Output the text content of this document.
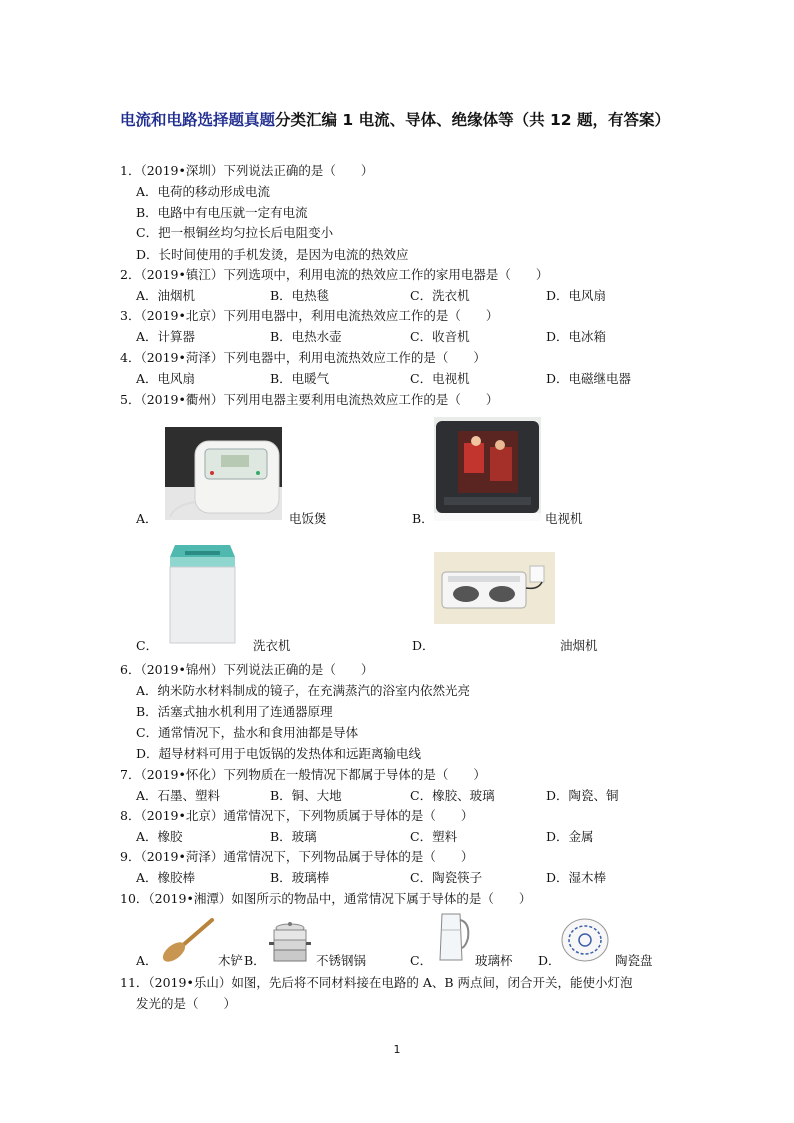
电流和电路选择题真题分类汇编 1 电流、导体、绝缘体等（共 12 题，有答案）
1．（2019•深圳）下列说法正确的是（　　）
A．电荷的移动形成电流
B．电路中有电压就一定有电流
C．把一根铜丝均匀拉长后电阻变小
D．长时间使用的手机发烫，是因为电流的热效应
2．（2019•镇江）下列选项中，利用电流的热效应工作的家用电器是（　　）
A．油烟机	B．电热毯	C．洗衣机	D．电风扇
3．（2019•北京）下列用电器中，利用电流热效应工作的是（　　）
A．计算器	B．电热水壶	C．收音机	D．电冰箱
4．（2019•菏泽）下列电器中，利用电流热效应工作的是（　　）
A．电风扇	B．电暖气	C．电视机	D．电磁继电器
5．（2019•衢州）下列用电器主要利用电流热效应工作的是（　　）
A．	电饭煲	B．	电视机
C．	洗衣机	D．	油烟机
6．（2019•锦州）下列说法正确的是（　　）
A．纳米防水材料制成的镜子，在充满蒸汽的浴室内依然光亮
B．活塞式抽水机利用了连通器原理
C．通常情况下，盐水和食用油都是导体
D．超导材料可用于电饭锅的发热体和远距离输电线
7．（2019•怀化）下列物质在一般情况下都属于导体的是（　　）
A．石墨、塑料	B．铜、大地	C．橡胶、玻璃	D．陶瓷、铜
8．（2019•北京）通常情况下，下列物质属于导体的是（　　）
A．橡胶	B．玻璃	C．塑料	D．金属
9．（2019•菏泽）通常情况下，下列物品属于导体的是（　　）
A．橡胶棒	B．玻璃棒	C．陶瓷筷子	D．湿木棒
10．（2019•湘潭）如图所示的物品中，通常情况下属于导体的是（　　）
A．	木铲 B．	不锈钢锅	C．	玻璃杯 D．	陶瓷盘
11．（2019•乐山）如图，先后将不同材料接在电路的 A、B 两点间，闭合开关，能使小灯泡
发光的是（　　）
1
